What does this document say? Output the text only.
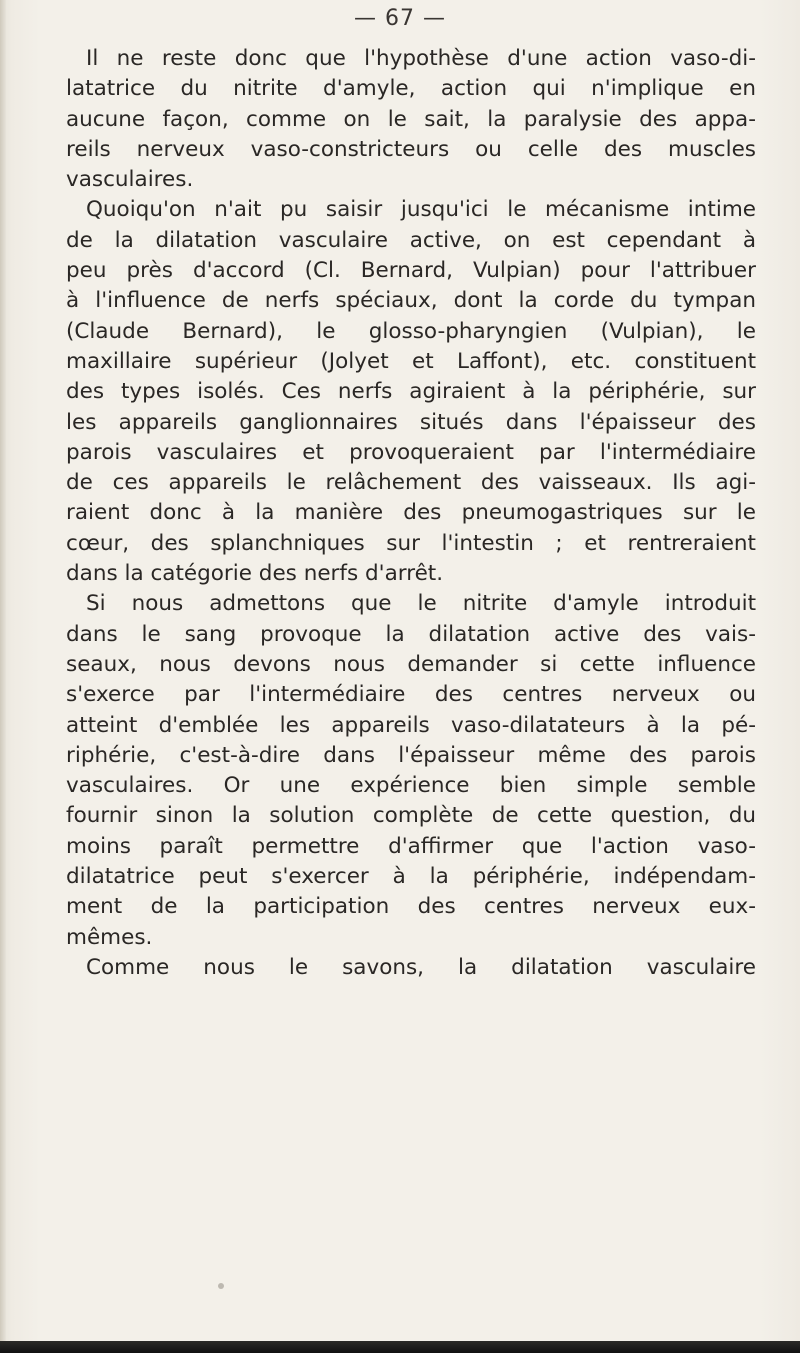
— 67 —
Il ne reste donc que l'hypothèse d'une action vaso-di-
latatrice du nitrite d'amyle, action qui n'implique en
aucune façon, comme on le sait, la paralysie des appa-
reils nerveux vaso-constricteurs ou celle des muscles
vasculaires.
Quoiqu'on n'ait pu saisir jusqu'ici le mécanisme intime
de la dilatation vasculaire active, on est cependant à
peu près d'accord (Cl. Bernard, Vulpian) pour l'attribuer
à l'influence de nerfs spéciaux, dont la corde du tympan
(Claude Bernard), le glosso-pharyngien (Vulpian), le
maxillaire supérieur (Jolyet et Laffont), etc. constituent
des types isolés. Ces nerfs agiraient à la périphérie, sur
les appareils ganglionnaires situés dans l'épaisseur des
parois vasculaires et provoqueraient par l'intermédiaire
de ces appareils le relâchement des vaisseaux. Ils agi-
raient donc à la manière des pneumogastriques sur le
cœur, des splanchniques sur l'intestin ; et rentreraient
dans la catégorie des nerfs d'arrêt.
Si nous admettons que le nitrite d'amyle introduit
dans le sang provoque la dilatation active des vais-
seaux, nous devons nous demander si cette influence
s'exerce par l'intermédiaire des centres nerveux ou
atteint d'emblée les appareils vaso-dilatateurs à la pé-
riphérie, c'est-à-dire dans l'épaisseur même des parois
vasculaires. Or une expérience bien simple semble
fournir sinon la solution complète de cette question, du
moins paraît permettre d'affirmer que l'action vaso-
dilatatrice peut s'exercer à la périphérie, indépendam-
ment de la participation des centres nerveux eux-
mêmes.
Comme nous le savons, la dilatation vasculaire
